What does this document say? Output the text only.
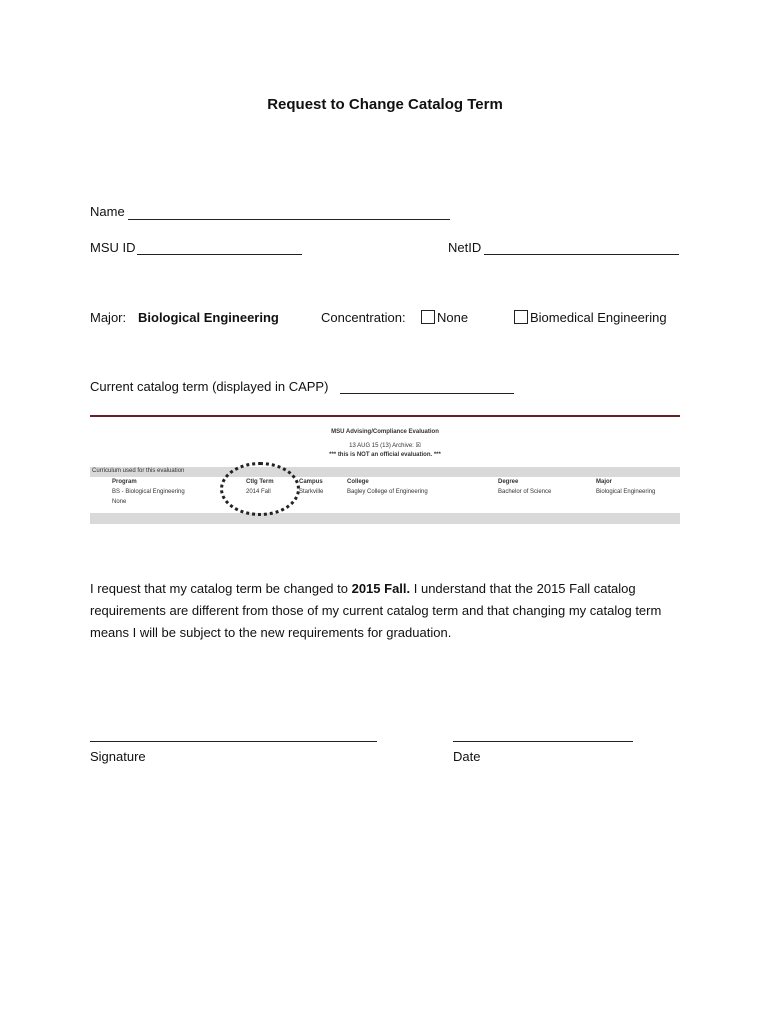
Request to Change Catalog Term
Name
MSU ID	NetID
Major: Biological Engineering	Concentration:	None	Biomedical Engineering
Current catalog term (displayed in CAPP)
MSU Advising/Compliance Evaluation
13 AUG 15 (13) Archive: ☒
*** this is NOT an official evaluation. ***
Curriculum used for this evaluation
Program	Ctlg Term	Campus	College	Degree	Major
BS - Biological Engineering	2014 Fall	Starkville	Bagley College of Engineering	Bachelor of Science	Biological Engineering
None
I request that my catalog term be changed to 2015 Fall. I understand that the 2015 Fall catalog requirements are different from those of my current catalog term and that changing my catalog term means I will be subject to the new requirements for graduation.
Signature	Date
